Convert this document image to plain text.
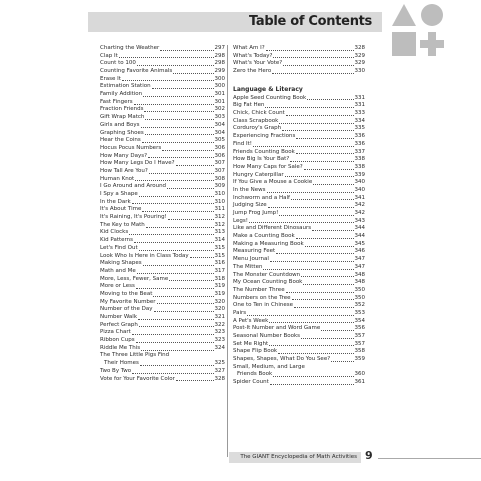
Table of Contents
Charting the Weather	297
Clap It	298
Count to 100	298
Counting Favorite Animals	299
Erase It	300
Estimation Station	300
Family Addition	301
Fast Fingers	301
Fraction Friends	302
Gift Wrap Match	303
Girls and Boys	304
Graphing Shoes	304
Hear the Coins	305
Hocus Pocus Numbers	306
How Many Days?	306
How Many Legs Do I Have?	307
How Tall Are You?	307
Human Knot	308
I Go Around and Around	309
I Spy a Shape	310
In the Dark	310
It's About Time	311
It's Raining, It's Pouring!	312
The Key to Math	312
Kid Clocks	313
Kid Patterns	314
Let's Find Out	315
Look Who Is Here in Class Today	315
Making Shapes	316
Math and Me	317
More, Less, Fewer, Same	318
More or Less	319
Moving to the Beat	319
My Favorite Number	320
Number of the Day	320
Number Walk	321
Perfect Graph	322
Pizza Chart	323
Ribbon Cups	323
Riddle Me This	324
The Three Little Pigs Find
Their Homes	325
Two By Two	327
Vote for Your Favorite Color	328
What Am I?	328
What's Today?	329
What's Your Vote?	329
Zero the Hero	330
Language & Literacy
Apple Seed Counting Book	331
Big Fat Hen	331
Chick, Chick Count	333
Class Scrapbook	334
Corduroy's Graph	335
Experiencing Fractions	336
Find It!	336
Friends Counting Book	337
How Big Is Your Bat?	338
How Many Caps for Sale?	338
Hungry Caterpillar	339
If You Give a Mouse a Cookie	340
In the News	340
Inchworm and a Half	341
Judging Size	342
Jump Frog Jump!	342
Legs!	343
Like and Different Dinosaurs	344
Make a Counting Book	344
Making a Measuring Book	345
Measuring Feet	346
Menu Journal	347
The Mitten	347
The Monster Countdown	348
My Ocean Counting Book	348
The Number Three	350
Numbers on the Tree	350
One to Ten in Chinese	352
Pairs	353
A Pet's Week	354
Post-It Number and Word Game	356
Seasonal Number Books	357
Set Me Right	357
Shape Flip Book	358
Shapes, Shapes, What Do You See?	359
Small, Medium, and Large
Friends Book	360
Spider Count	361
The GIANT Encyclopedia of Math Activities 9
